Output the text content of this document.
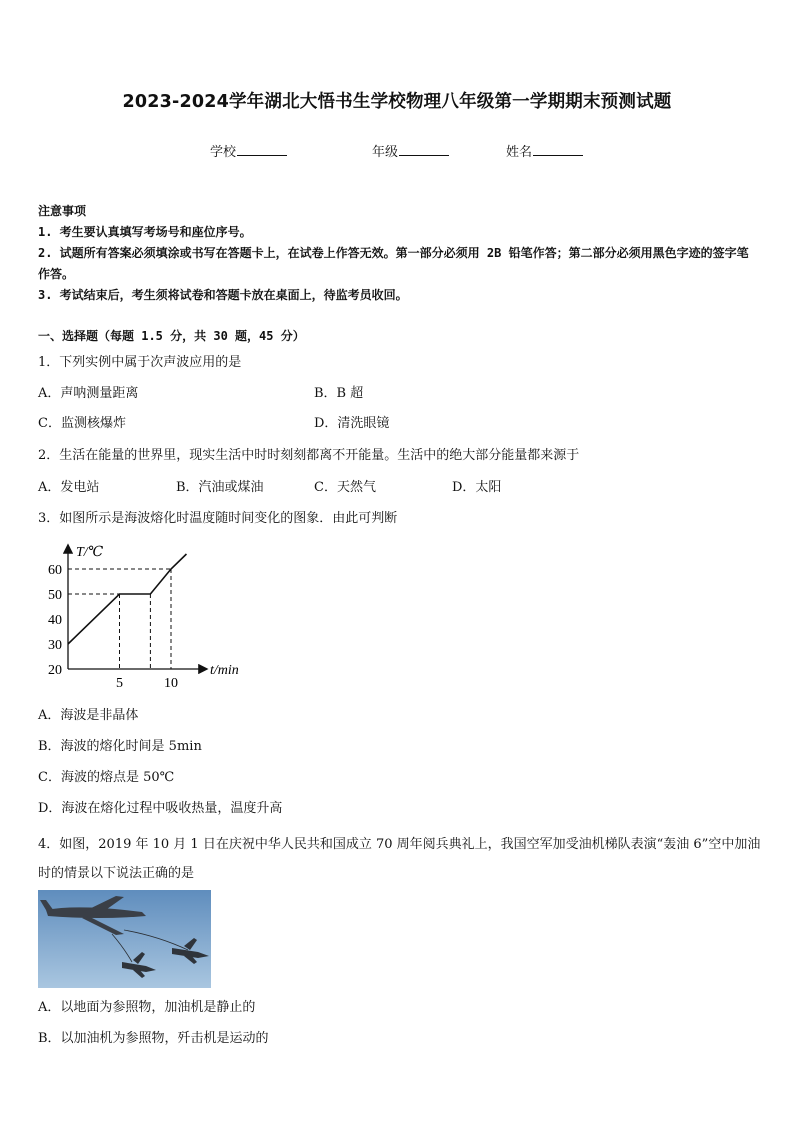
2023-2024学年湖北大悟书生学校物理八年级第一学期期末预测试题
学校	年级	姓名
注意事项
1. 考生要认真填写考场号和座位序号。
2. 试题所有答案必须填涂或书写在答题卡上，在试卷上作答无效。第一部分必须用 2B 铅笔作答；第二部分必须用黑色字迹的签字笔作答。
3. 考试结束后，考生须将试卷和答题卡放在桌面上，待监考员收回。
一、选择题（每题 1.5 分，共 30 题，45 分）
1．下列实例中属于次声波应用的是
A．声呐测量距离	B．B 超
C．监测核爆炸	D．清洗眼镜
2．生活在能量的世界里，现实生活中时时刻刻都离不开能量。生活中的绝大部分能量都来源于
A．发电站	B．汽油或煤油	C．天然气	D．太阳
3．如图所示是海波熔化时温度随时间变化的图象．由此可判断
60
50
40
30
20
5	10
T/℃
t/min
A．海波是非晶体
B．海波的熔化时间是 5min
C．海波的熔点是 50℃
D．海波在熔化过程中吸收热量，温度升高
4．如图，2019 年 10 月 1 日在庆祝中华人民共和国成立 70 周年阅兵典礼上，我国空军加受油机梯队表演“轰油 6”空中加油时的情景以下说法正确的是
A．以地面为参照物，加油机是静止的
B．以加油机为参照物，歼击机是运动的
